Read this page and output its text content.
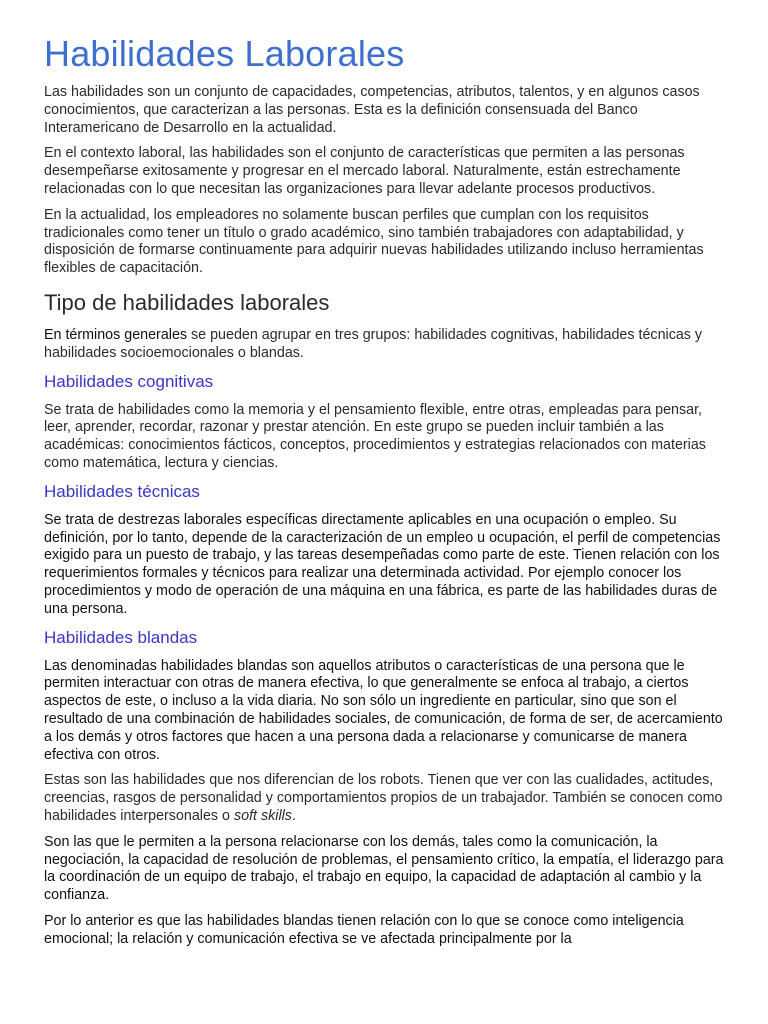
Habilidades Laborales

Las habilidades son un conjunto de capacidades, competencias, atributos, talentos, y en algunos casos conocimientos, que caracterizan a las personas. Esta es la definición consensuada del Banco Interamericano de Desarrollo en la actualidad.

En el contexto laboral, las habilidades son el conjunto de características que permiten a las personas desempeñarse exitosamente y progresar en el mercado laboral. Naturalmente, están estrechamente relacionadas con lo que necesitan las organizaciones para llevar adelante procesos productivos.

En la actualidad, los empleadores no solamente buscan perfiles que cumplan con los requisitos tradicionales como tener un título o grado académico, sino también trabajadores con adaptabilidad, y disposición de formarse continuamente para adquirir nuevas habilidades utilizando incluso herramientas flexibles de capacitación.

Tipo de habilidades laborales

En términos generales se pueden agrupar en tres grupos: habilidades cognitivas, habilidades técnicas y habilidades socioemocionales o blandas.

Habilidades cognitivas

Se trata de habilidades como la memoria y el pensamiento flexible, entre otras, empleadas para pensar, leer, aprender, recordar, razonar y prestar atención. En este grupo se pueden incluir también a las académicas: conocimientos fácticos, conceptos, procedimientos y estrategias relacionados con materias como matemática, lectura y ciencias.

Habilidades técnicas

Se trata de destrezas laborales específicas directamente aplicables en una ocupación o empleo. Su definición, por lo tanto, depende de la caracterización de un empleo u ocupación, el perfil de competencias exigido para un puesto de trabajo, y las tareas desempeñadas como parte de este. Tienen relación con los requerimientos formales y técnicos para realizar una determinada actividad. Por ejemplo conocer los procedimientos y modo de operación de una máquina en una fábrica, es parte de las habilidades duras de una persona.

Habilidades blandas

Las denominadas habilidades blandas son aquellos atributos o características de una persona que le permiten interactuar con otras de manera efectiva, lo que generalmente se enfoca al trabajo, a ciertos aspectos de este, o incluso a la vida diaria. No son sólo un ingrediente en particular, sino que son el resultado de una combinación de habilidades sociales, de comunicación, de forma de ser, de acercamiento a los demás y otros factores que hacen a una persona dada a relacionarse y comunicarse de manera efectiva con otros.

Estas son las habilidades que nos diferencian de los robots. Tienen que ver con las cualidades, actitudes, creencias, rasgos de personalidad y comportamientos propios de un trabajador. También se conocen como habilidades interpersonales o soft skills.

Son las que le permiten a la persona relacionarse con los demás, tales como la comunicación, la negociación, la capacidad de resolución de problemas, el pensamiento crítico, la empatía, el liderazgo para la coordinación de un equipo de trabajo, el trabajo en equipo, la capacidad de adaptación al cambio y la confianza.

Por lo anterior es que las habilidades blandas tienen relación con lo que se conoce como inteligencia emocional; la relación y comunicación efectiva se ve afectada principalmente por la
